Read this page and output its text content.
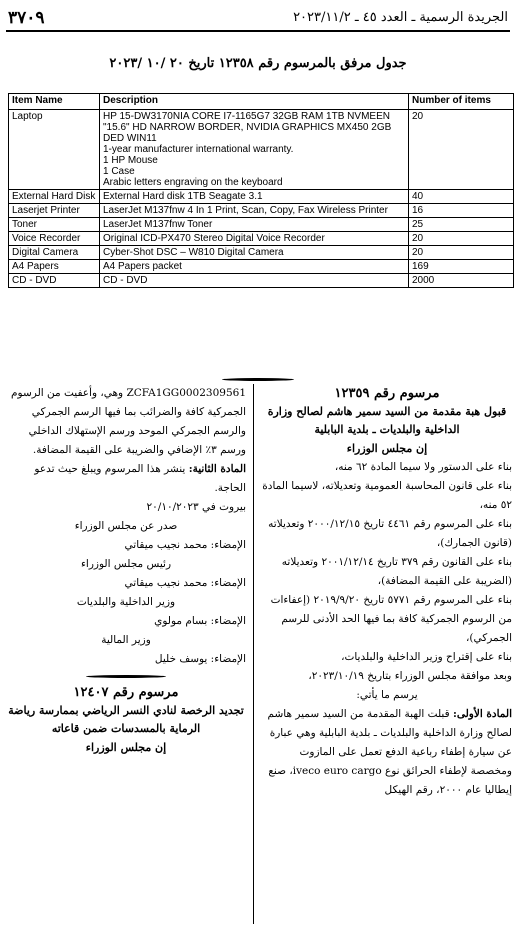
٣٧٠٩	الجريدة الرسمية ـ العدد ٤٥ ـ ٢٠٢٣/١١/٢
جدول مرفق بالمرسوم رقم ١٢٣٥٨ تاريخ ٢٠ /١٠ /٢٠٢٣
Item Name	Description	Number of items
Laptop	HP 15-DW3170NIA CORE I7-1165G7 32GB RAM 1TB NVMEEN "15.6" HD NARROW BORDER, NVIDIA GRAPHICS MX450 2GB DED WIN11
1-year manufacturer international warranty.
1 HP Mouse
1 Case
Arabic letters engraving on the keyboard	20
External Hard Disk	External Hard disk 1TB Seagate 3.1	40
Laserjet Printer	LaserJet M137fnw 4 In 1 Print, Scan, Copy, Fax Wireless Printer	16
Toner	LaserJet M137fnw Toner	25
Voice Recorder	Original ICD-PX470 Stereo Digital Voice Recorder	20
Digital Camera	Cyber-Shot DSC – W810 Digital Camera	20
A4 Papers	A4 Papers packet	169
CD - DVD	CD - DVD	2000

ZCFA1GG0002309561 وهي، وأعفيت من الرسوم الجمركية كافة والضرائب بما فيها الرسم الجمركي والرسم الجمركي الموحد ورسم الإستهلاك الداخلي ورسم ٣٪ الإضافي والضريبة على القيمة المضافة.

المادة الثانية: ينشر هذا المرسوم ويبلغ حيث تدعو الحاجة.

بيروت في ٢٠/١٠/٢٠٢٣

صدر عن مجلس الوزراء

الإمضاء: محمد نجيب ميقاتي

رئيس مجلس الوزراء

الإمضاء: محمد نجيب ميقاتي

وزير الداخلية والبلديات

الإمضاء: بسام مولوي

وزير المالية

الإمضاء: يوسف خليل

مرسوم رقم ١٢٤٠٧

تجديد الرخصة لنادي النسر الرياضي بممارسة رياضة الرماية بالمسدسات ضمن قاعاته

إن مجلس الوزراء

مرسوم رقم ١٢٣٥٩

قبول هبة مقدمة من السيد سمير هاشم لصالح وزارة الداخلية والبلديات ـ بلدية البابلية

إن مجلس الوزراء

بناء على الدستور ولا سيما المادة ٦٢ منه،

بناء على قانون المحاسبة العمومية وتعديلاته، لاسيما المادة ٥٢ منه،

بناء على المرسوم رقم ٤٤٦١ تاريخ ٢٠٠٠/١٢/١٥ وتعديلاته (قانون الجمارك)،

بناء على القانون رقم ٣٧٩ تاريخ ٢٠٠١/١٢/١٤ وتعديلاته (الضريبة على القيمة المضافة)،

بناء على المرسوم رقم ٥٧٧١ تاريخ ٢٠١٩/٩/٢٠ (إعفاءات من الرسوم الجمركية كافة بما فيها الحد الأدنى للرسم الجمركي)،

بناء على إقتراح وزير الداخلية والبلديات،

وبعد موافقة مجلس الوزراء بتاريخ ٢٠٢٣/١٠/١٩،

يرسم ما يأتي:

المادة الأولى: قبلت الهبة المقدمة من السيد سمير هاشم لصالح وزارة الداخلية والبلديات ـ بلدية البابلية وهي عبارة عن سيارة إطفاء رباعية الدفع تعمل على المازوت ومخصصة لإطفاء الحرائق نوع iveco euro cargo، صنع إيطاليا عام ٢٠٠٠، رقم الهيكل
